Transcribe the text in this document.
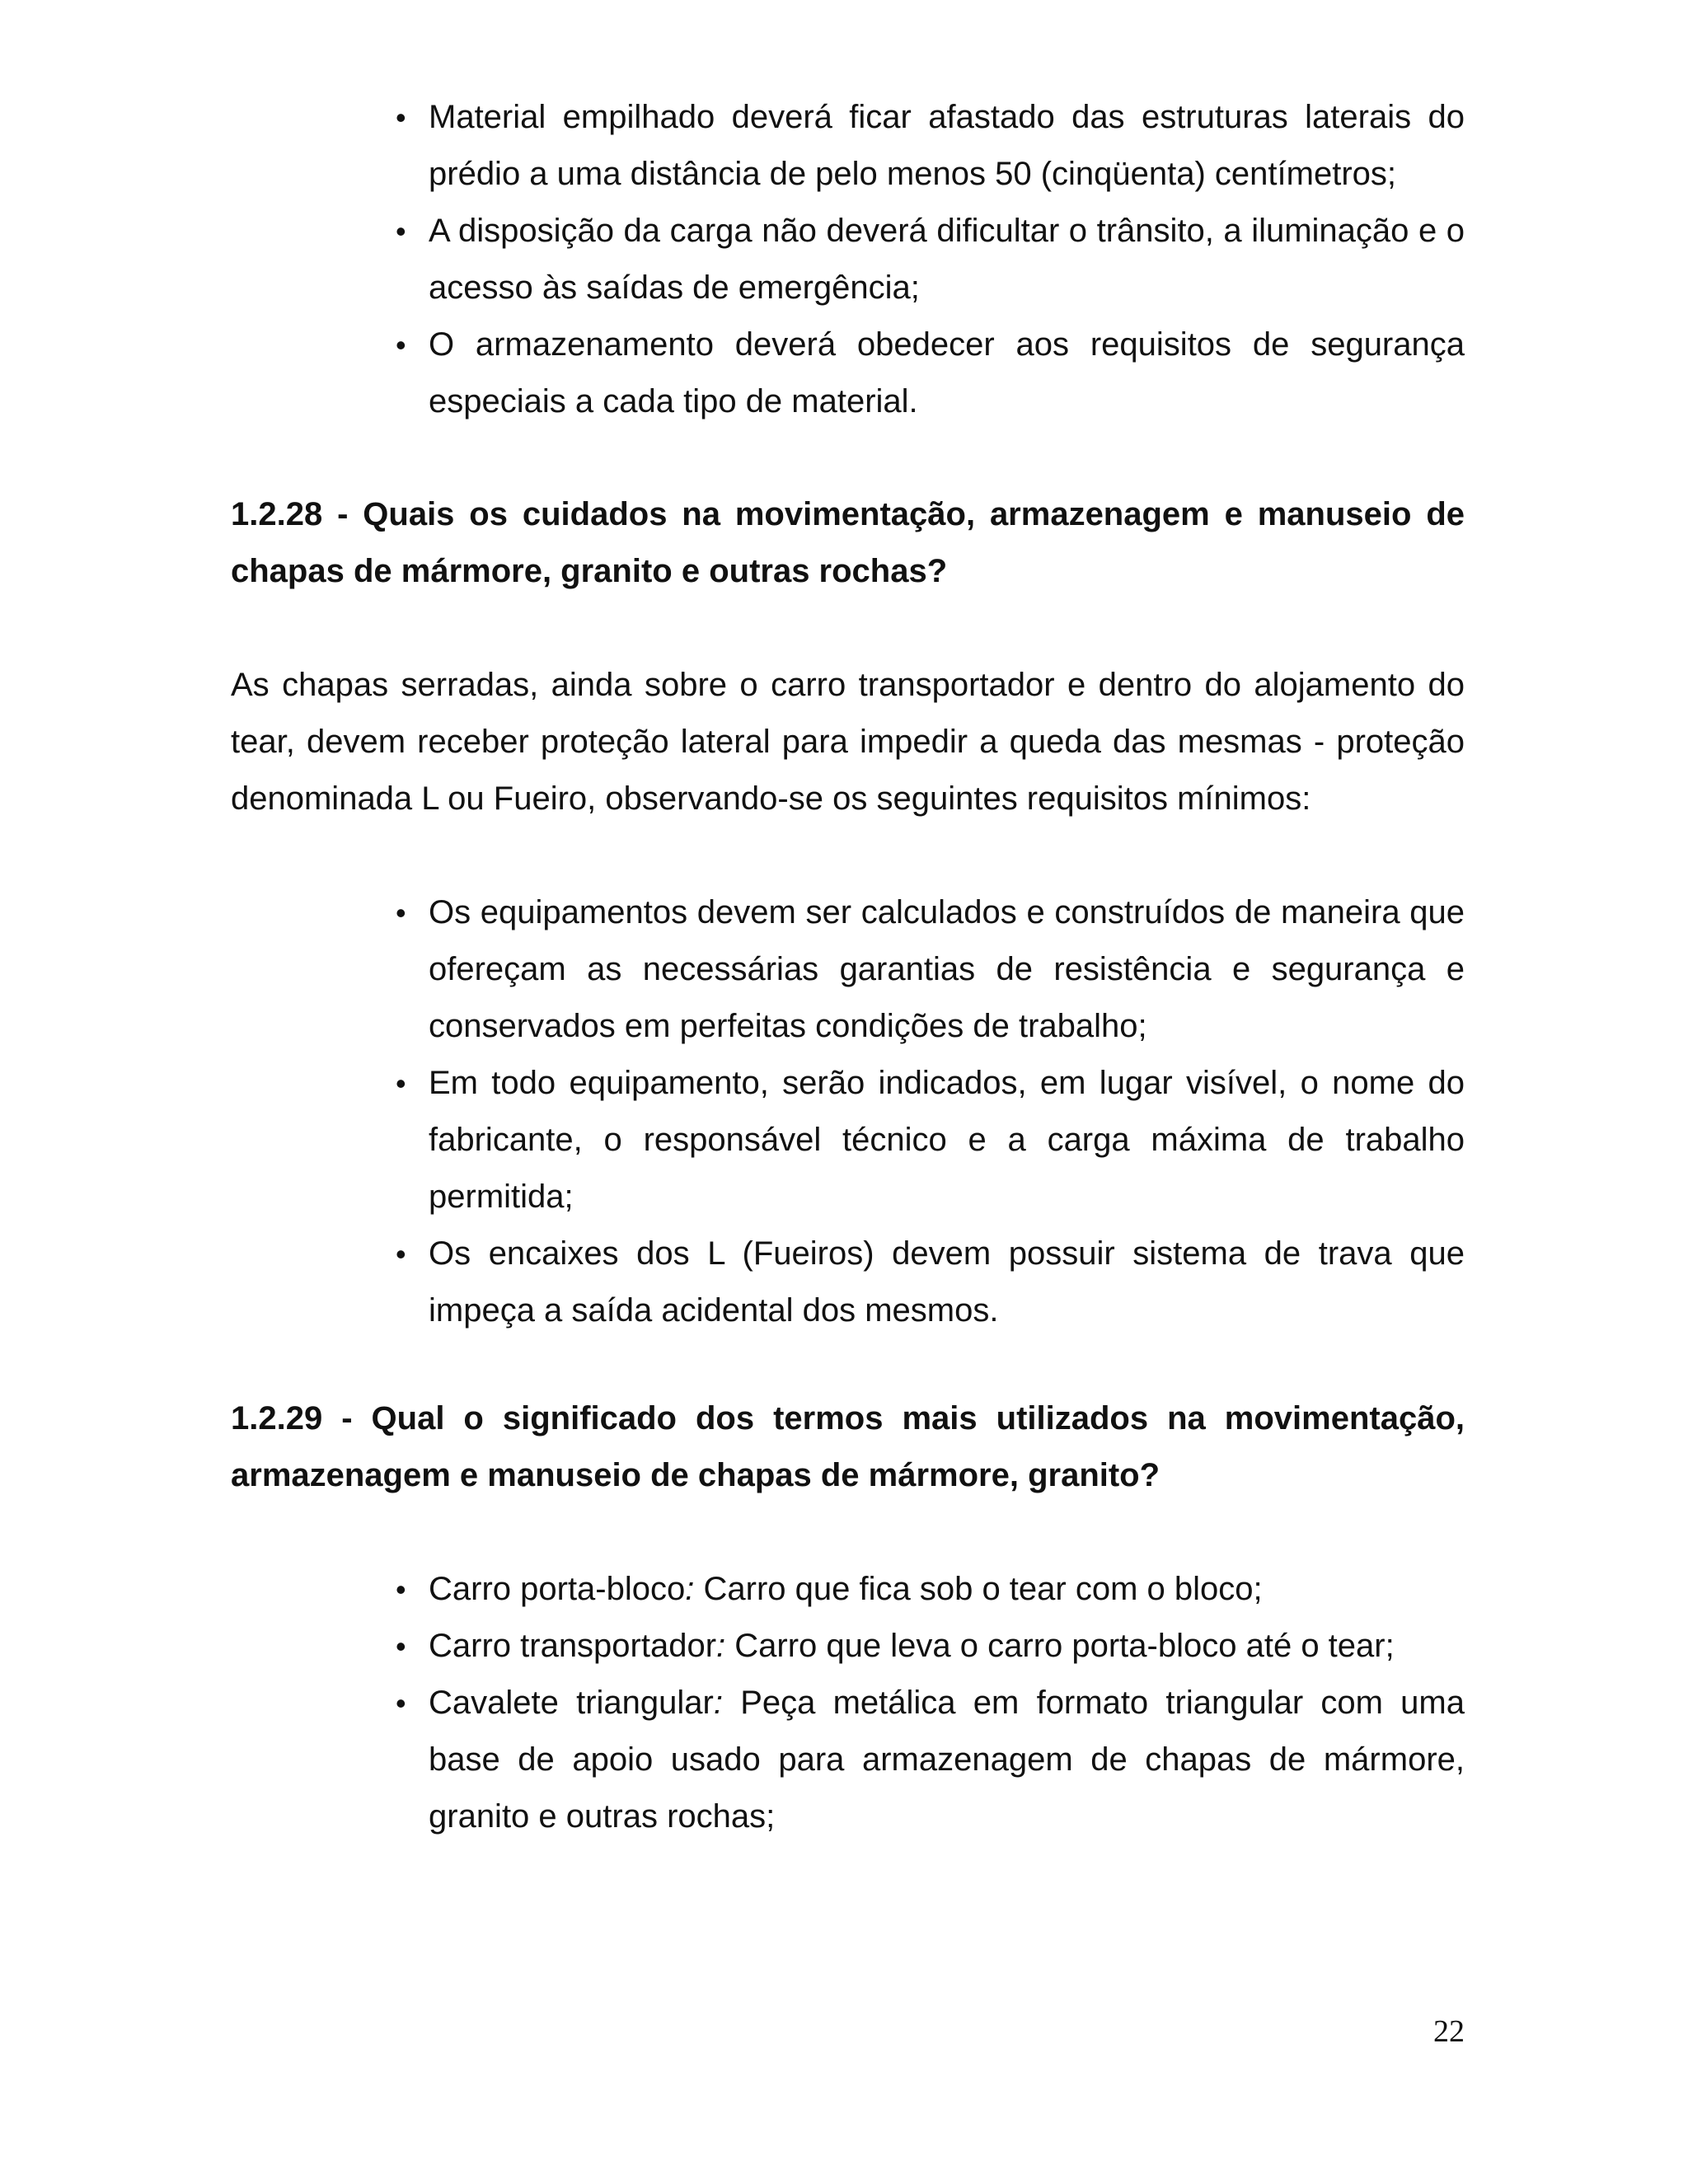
• Material empilhado deverá ficar afastado das estruturas laterais do prédio a uma distância de pelo menos 50 (cinqüenta) centímetros;
• A disposição da carga não deverá dificultar o trânsito, a iluminação e o acesso às saídas de emergência;
• O armazenamento deverá obedecer aos requisitos de segurança especiais a cada tipo de material.
1.2.28 - Quais os cuidados na movimentação, armazenagem e manuseio de chapas de mármore, granito e outras rochas?

As chapas serradas, ainda sobre o carro transportador e dentro do alojamento do tear, devem receber proteção lateral para impedir a queda das mesmas - proteção denominada L ou Fueiro, observando-se os seguintes requisitos mínimos:

• Os equipamentos devem ser calculados e construídos de maneira que ofereçam as necessárias garantias de resistência e segurança e conservados em perfeitas condições de trabalho;
• Em todo equipamento, serão indicados, em lugar visível, o nome do fabricante, o responsável técnico e a carga máxima de trabalho permitida;
• Os encaixes dos L (Fueiros) devem possuir sistema de trava que impeça a saída acidental dos mesmos.
1.2.29 - Qual o significado dos termos mais utilizados na movimentação, armazenagem e manuseio de chapas de mármore, granito?
• Carro porta-bloco: Carro que fica sob o tear com o bloco;
• Carro transportador: Carro que leva o carro porta-bloco até o tear;
• Cavalete triangular: Peça metálica em formato triangular com uma base de apoio usado para armazenagem de chapas de mármore, granito e outras rochas;
22
